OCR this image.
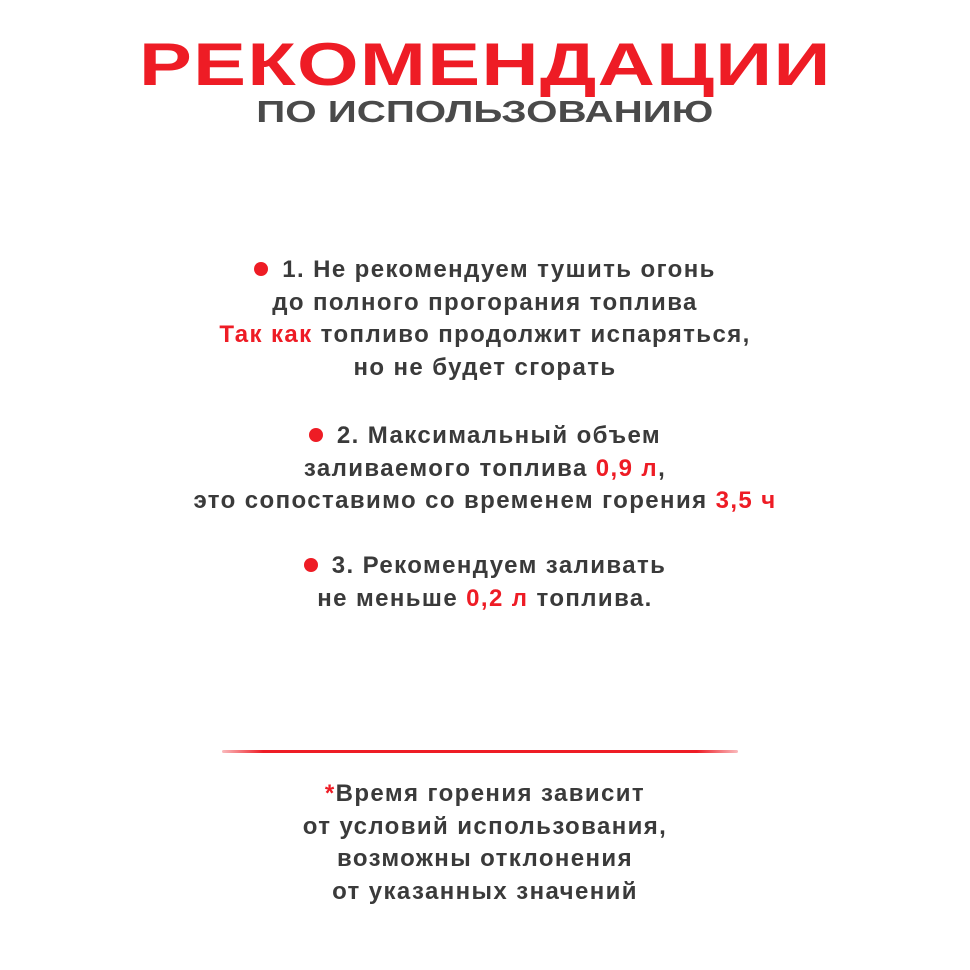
РЕКОМЕНДАЦИИ
ПО ИСПОЛЬЗОВАНИЮ
1. Не рекомендуем тушить огонь
до полного прогорания топлива
Так как топливо продолжит испаряться,
но не будет сгорать
2. Максимальный объем
заливаемого топлива 0,9 л,
это сопоставимо со временем горения 3,5 ч
3. Рекомендуем заливать
не меньше 0,2 л топлива.
*Время горения зависит
от условий использования,
возможны отклонения
от указанных значений
